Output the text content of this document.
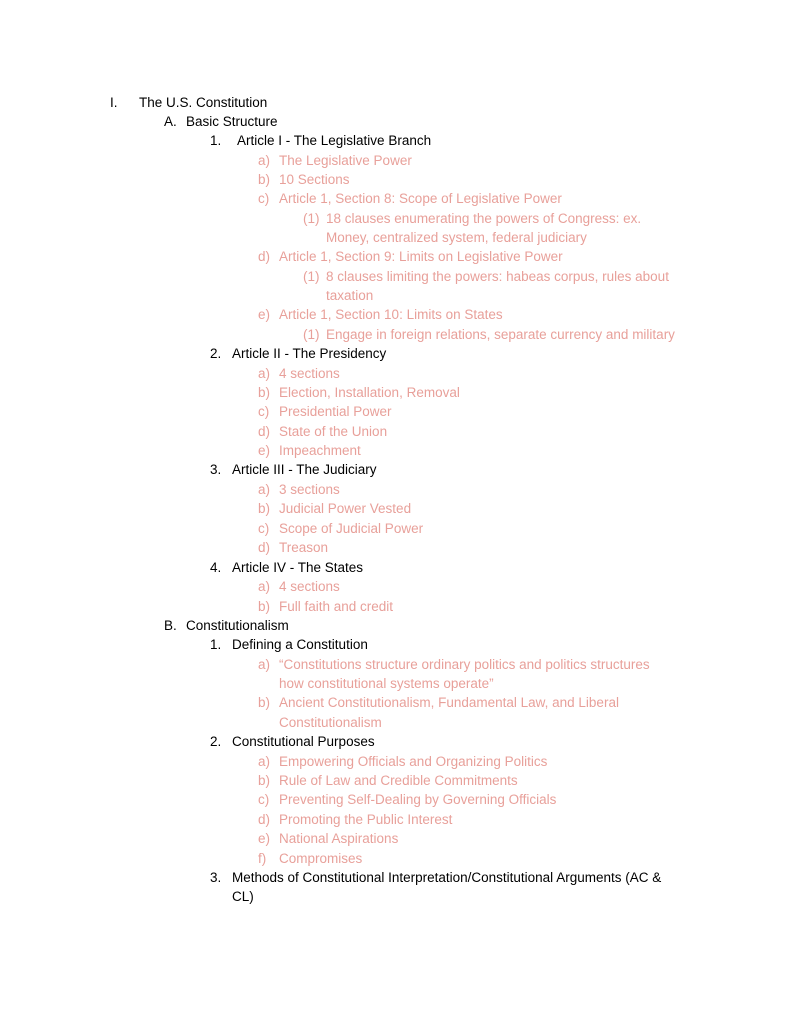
I. The U.S. Constitution
A. Basic Structure
1. Article I - The Legislative Branch
a) The Legislative Power
b) 10 Sections
c) Article 1, Section 8: Scope of Legislative Power
(1) 18 clauses enumerating the powers of Congress: ex.
Money, centralized system, federal judiciary
d) Article 1, Section 9: Limits on Legislative Power
(1) 8 clauses limiting the powers: habeas corpus, rules about
taxation
e) Article 1, Section 10: Limits on States
(1) Engage in foreign relations, separate currency and military
2. Article II - The Presidency
a) 4 sections
b) Election, Installation, Removal
c) Presidential Power
d) State of the Union
e) Impeachment
3. Article III - The Judiciary
a) 3 sections
b) Judicial Power Vested
c) Scope of Judicial Power
d) Treason
4. Article IV - The States
a) 4 sections
b) Full faith and credit
B. Constitutionalism
1. Defining a Constitution
a) “Constitutions structure ordinary politics and politics structures
how constitutional systems operate”
b) Ancient Constitutionalism, Fundamental Law, and Liberal
Constitutionalism
2. Constitutional Purposes
a) Empowering Officials and Organizing Politics
b) Rule of Law and Credible Commitments
c) Preventing Self-Dealing by Governing Officials
d) Promoting the Public Interest
e) National Aspirations
f) Compromises
3. Methods of Constitutional Interpretation/Constitutional Arguments (AC &
CL)
